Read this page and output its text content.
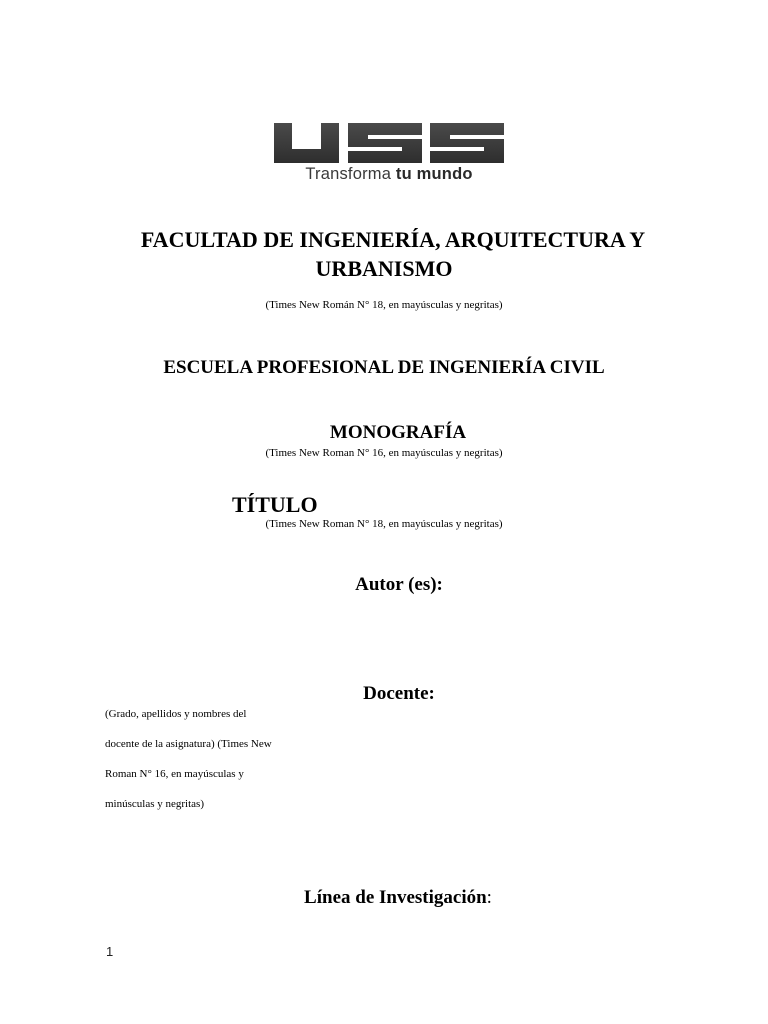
Transforma tu mundo
FACULTAD DE INGENIERÍA, ARQUITECTURA Y
URBANISMO
(Times New Román N° 18, en mayúsculas y negritas)
ESCUELA PROFESIONAL DE INGENIERÍA CIVIL
MONOGRAFÍA
(Times New Roman N° 16, en mayúsculas y negritas)
TÍTULO
(Times New Roman N° 18, en mayúsculas y negritas)
Autor (es):
Docente:
(Grado, apellidos y nombres del
docente de la asignatura) (Times New
Roman N° 16, en mayúsculas y
minúsculas y negritas)
Línea de Investigación:
1
